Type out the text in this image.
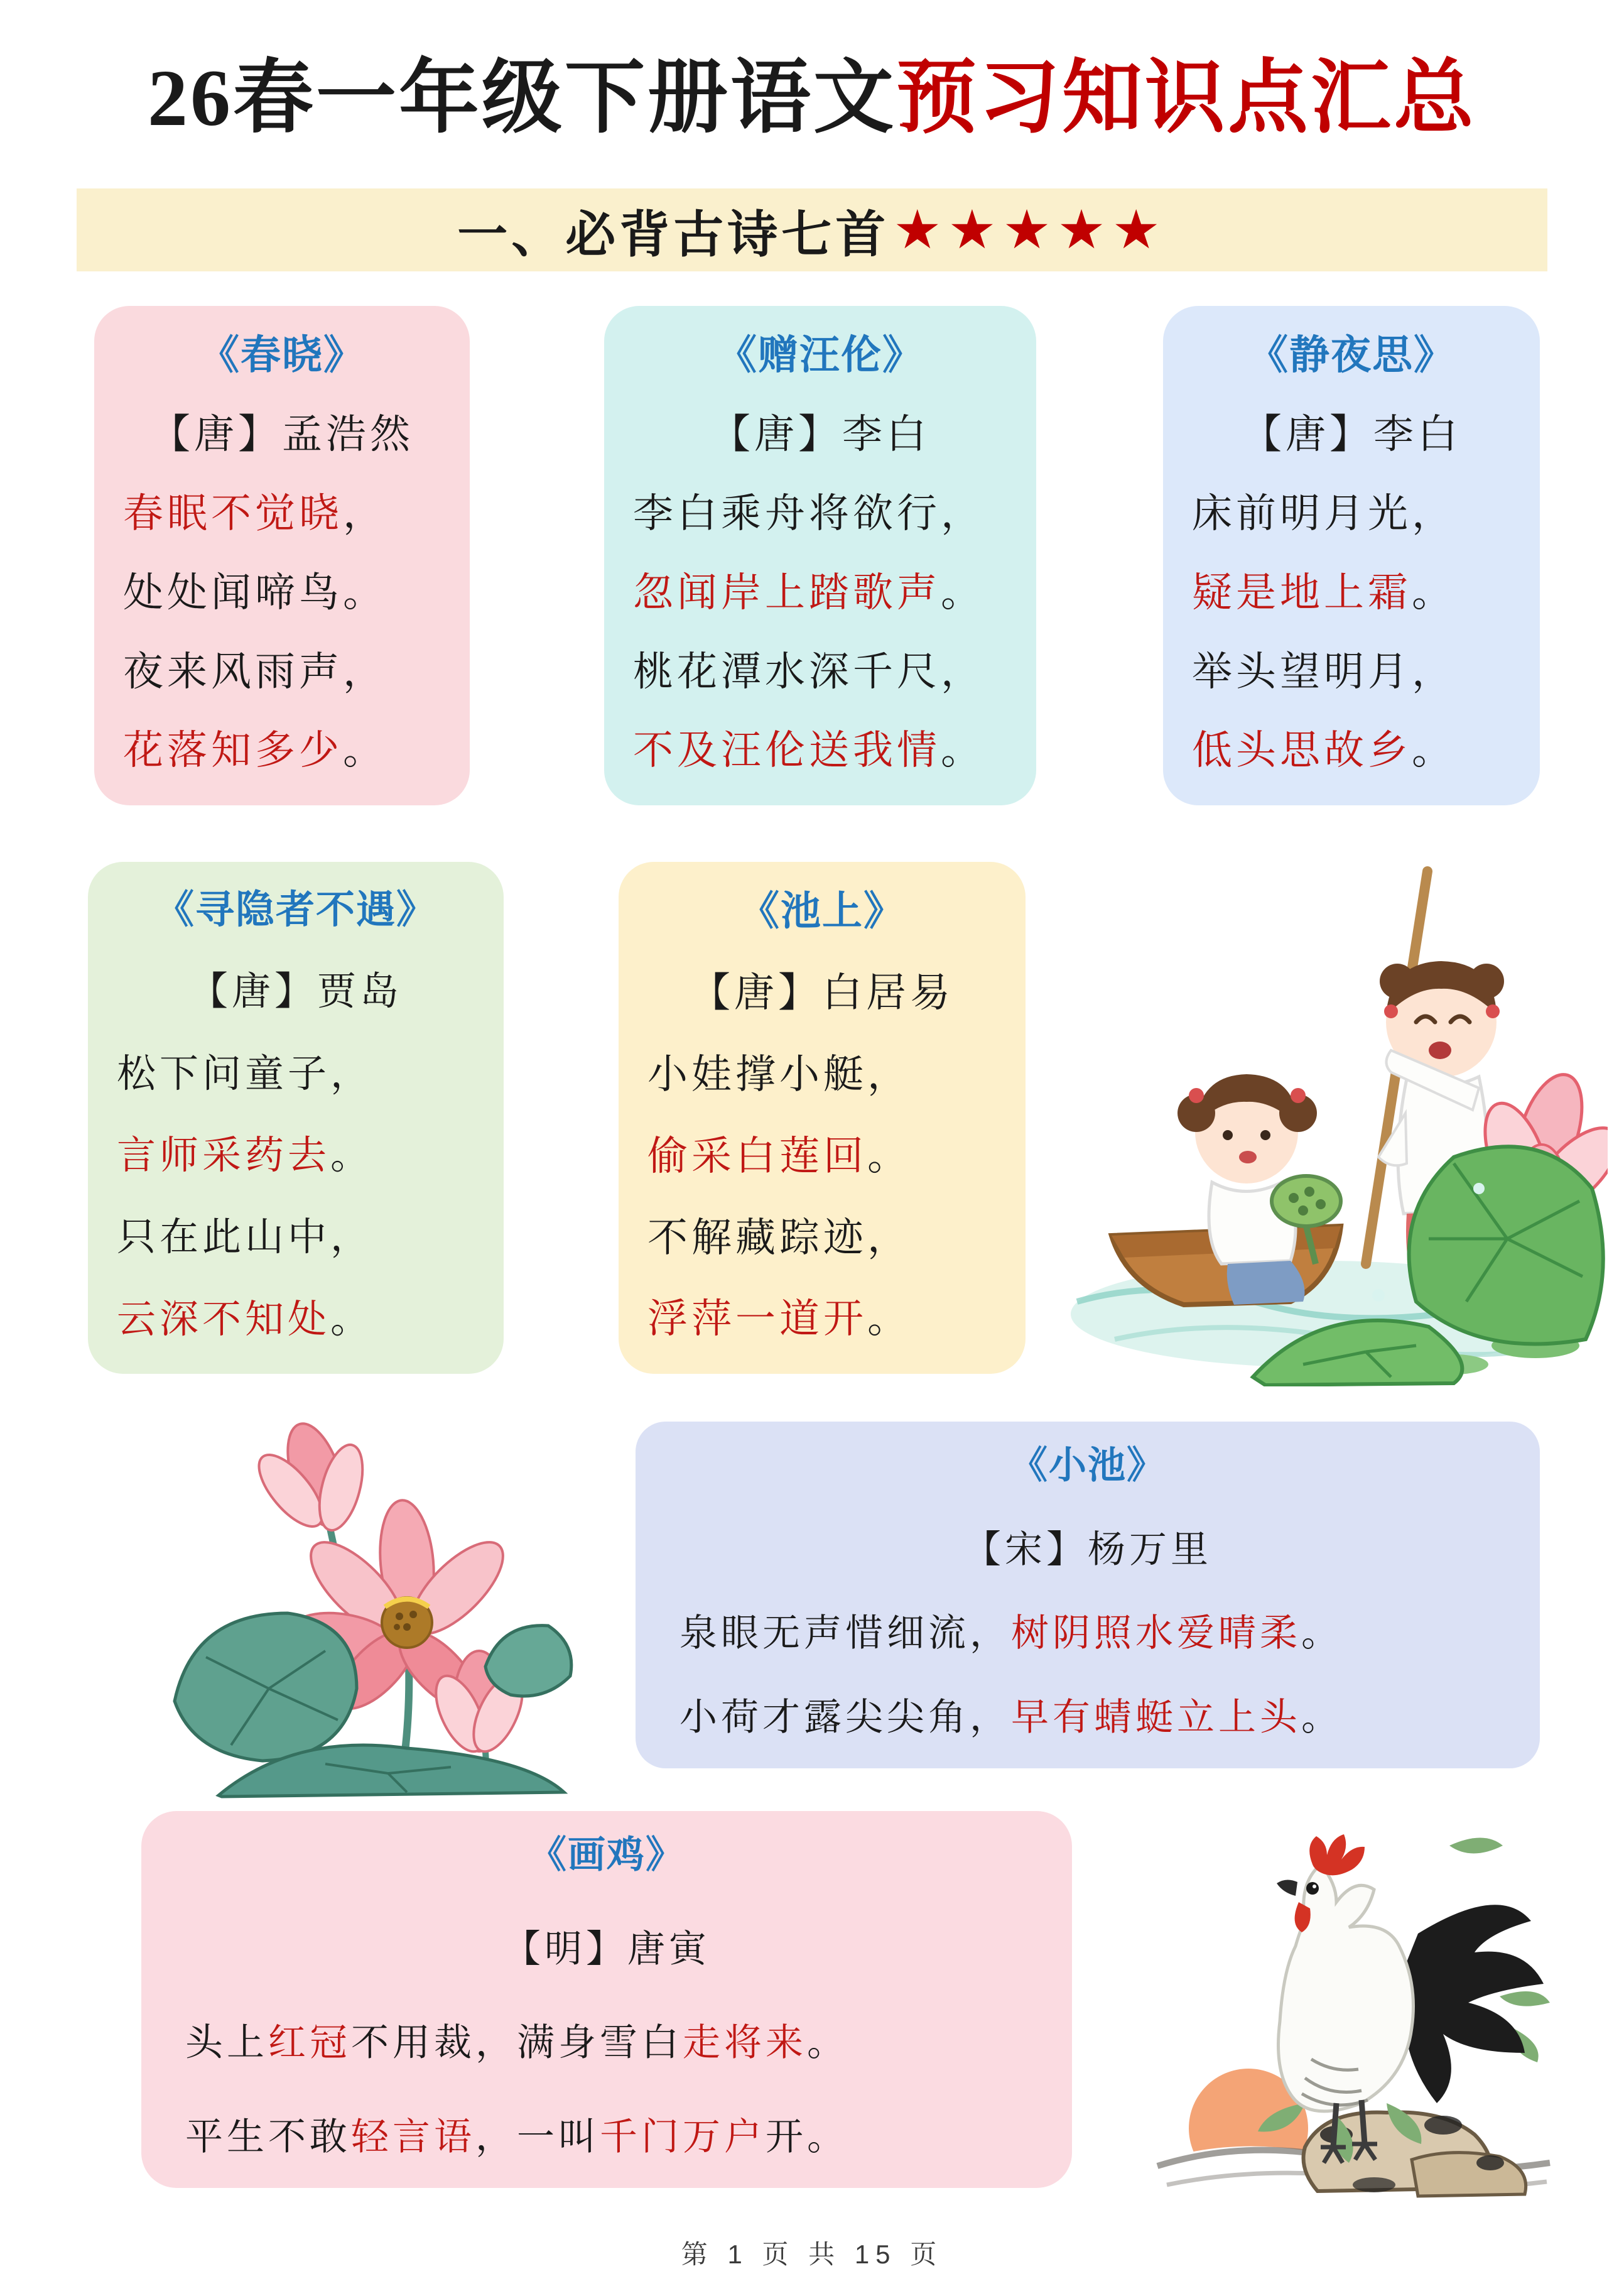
26春一年级下册语文预习知识点汇总
一、必背古诗七首 ★★★★★
《春晓》
【唐】孟浩然
春眠不觉晓，
处处闻啼鸟。
夜来风雨声，
花落知多少。
《赠汪伦》
【唐】李白
李白乘舟将欲行，
忽闻岸上踏歌声。
桃花潭水深千尺，
不及汪伦送我情。
《静夜思》
【唐】李白
床前明月光，
疑是地上霜。
举头望明月，
低头思故乡。
《寻隐者不遇》
【唐】贾岛
松下问童子，
言师采药去。
只在此山中，
云深不知处。
《池上》
【唐】白居易
小娃撑小艇，
偷采白莲回。
不解藏踪迹，
浮萍一道开。
《小池》
【宋】杨万里
泉眼无声惜细流，树阴照水爱晴柔。
小荷才露尖尖角，早有蜻蜓立上头。
《画鸡》
【明】唐寅
头上红冠不用裁，满身雪白走将来。
平生不敢轻言语，一叫千门万户开。
第 1 页 共 15 页
